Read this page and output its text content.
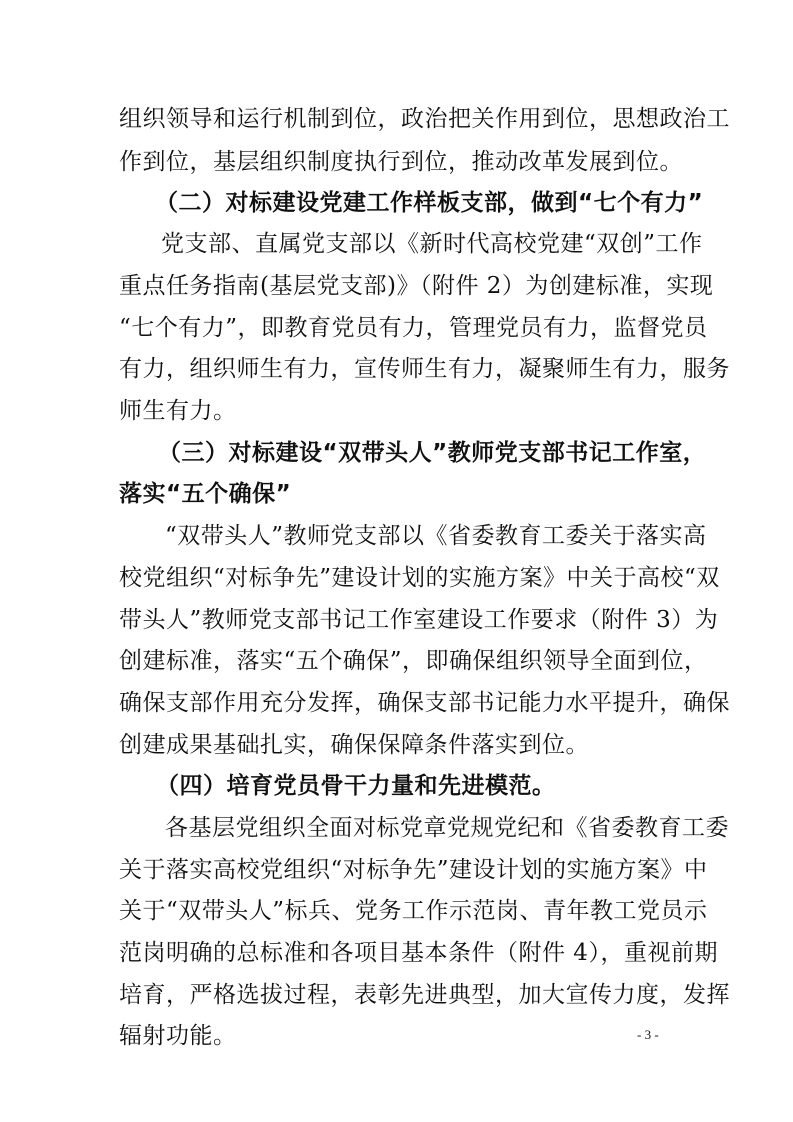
组织领导和运行机制到位，政治把关作用到位，思想政治工
作到位，基层组织制度执行到位，推动改革发展到位。
（二）对标建设党建工作样板支部，做到“七个有力”
党支部、直属党支部以《新时代高校党建“双创”工作
重点任务指南(基层党支部)》（附件 2）为创建标准，实现
“七个有力”，即教育党员有力，管理党员有力，监督党员
有力，组织师生有力，宣传师生有力，凝聚师生有力，服务
师生有力。
（三）对标建设“双带头人”教师党支部书记工作室，
落实“五个确保”
“双带头人”教师党支部以《省委教育工委关于落实高
校党组织“对标争先”建设计划的实施方案》中关于高校“双
带头人”教师党支部书记工作室建设工作要求（附件 3）为
创建标准，落实“五个确保”，即确保组织领导全面到位，
确保支部作用充分发挥，确保支部书记能力水平提升，确保
创建成果基础扎实，确保保障条件落实到位。
（四）培育党员骨干力量和先进模范。
各基层党组织全面对标党章党规党纪和《省委教育工委
关于落实高校党组织“对标争先”建设计划的实施方案》中
关于“双带头人”标兵、党务工作示范岗、青年教工党员示
范岗明确的总标准和各项目基本条件（附件 4），重视前期
培育，严格选拔过程，表彰先进典型，加大宣传力度，发挥
辐射功能。	- 3 -
